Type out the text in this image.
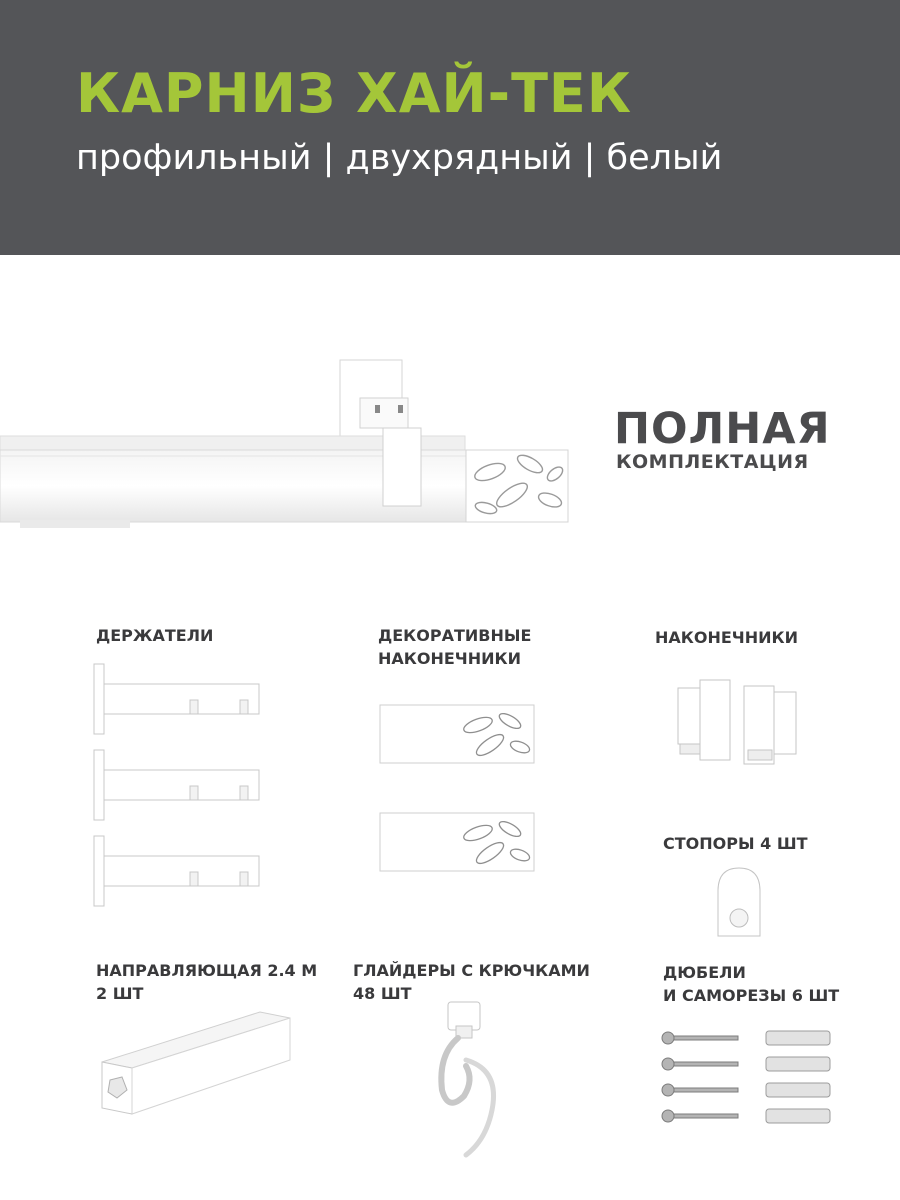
КАРНИЗ ХАЙ-ТЕК

профильный | двухрядный | белый

ПОЛНАЯ
КОМПЛЕКТАЦИЯ
ДЕРЖАТЕЛИ	ДЕКОРАТИВНЫЕ
НАКОНЕЧНИКИ
НАКОНЕЧНИКИ
СТОПОРЫ 4 ШТ
НАПРАВЛЯЮЩАЯ 2.4 М
2 ШТ
ГЛАЙДЕРЫ С КРЮЧКАМИ
48 ШТ
ДЮБЕЛИ
И САМОРЕЗЫ 6 ШТ
